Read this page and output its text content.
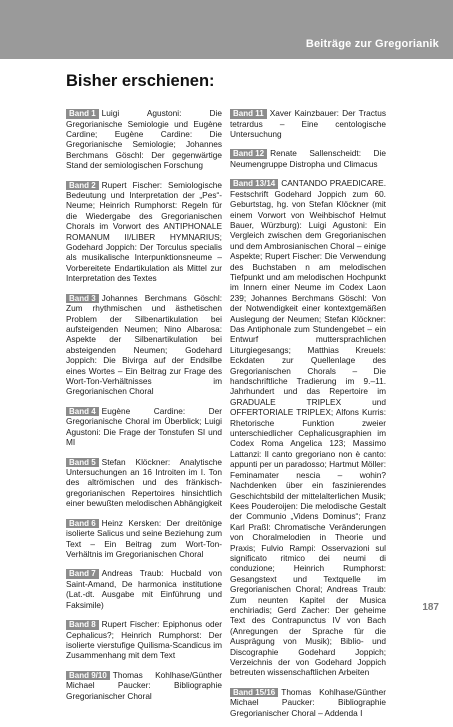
Beiträge zur Gregorianik
Bisher erschienen:

Band 1 Luigi Agustoni: Die Gregorianische Semiologie und Eugène Cardine; Eugène Cardine: Die Gregorianische Semiologie; Johannes Berchmans Göschl: Der gegenwärtige Stand der semiologischen Forschung

Band 2 Rupert Fischer: Semiologische Bedeutung und Interpretation der „Pes“-Neume; Heinrich Rumphorst: Regeln für die Wiedergabe des Gregorianischen Chorals im Vorwort des ANTIPHONALE ROMANUM II/LIBER HYMNARIUS; Godehard Joppich: Der Torculus specialis als musikalische Interpunktionsneume – Vorbereitete Endartikulation als Mittel zur Interpretation des Textes

Band 3 Johannes Berchmans Göschl: Zum rhythmischen und ästhetischen Problem der Silbenartikulation bei aufsteigenden Neumen; Nino Albarosa: Aspekte der Silbenartikulation bei absteigenden Neumen; Godehard Joppich: Die Bivirga auf der Endsilbe eines Wortes – Ein Beitrag zur Frage des Wort-Ton-Verhältnisses im Gregorianischen Choral

Band 4 Eugène Cardine: Der Gregorianische Choral im Überblick; Luigi Agustoni: Die Frage der Tonstufen SI und MI

Band 5 Stefan Klöckner: Analytische Untersuchungen an 16 Introiten im I. Ton des altrömischen und des fränkisch-gregorianischen Repertoires hinsichtlich einer bewußten melodischen Abhängigkeit

Band 6 Heinz Kersken: Der dreitönige isolierte Salicus und seine Beziehung zum Text – Ein Beitrag zum Wort-Ton-Verhältnis im Gregorianischen Choral

Band 7 Andreas Traub: Hucbald von Saint-Amand, De harmonica institutione (Lat.-dt. Ausgabe mit Einführung und Faksimile)

Band 8 Rupert Fischer: Epiphonus oder Cephalicus?; Heinrich Rumphorst: Der isolierte vierstufige Quilisma-Scandicus im Zusammenhang mit dem Text

Band 9/10 Thomas Kohlhase/Günther Michael Paucker: Bibliographie Gregorianischer Choral

Band 11 Xaver Kainzbauer: Der Tractus tetrardus – Eine centologische Untersuchung

Band 12 Renate Sallenscheidt: Die Neumengruppe Distropha und Climacus

Band 13/14 CANTANDO PRAEDICARE. Festschrift Godehard Joppich zum 60. Geburtstag, hg. von Stefan Klöckner (mit einem Vorwort von Weihbischof Helmut Bauer, Würzburg): Luigi Agustoni: Ein Vergleich zwischen dem Gregorianischen und dem Ambrosianischen Choral – einige Aspekte; Rupert Fischer: Die Verwendung des Buchstaben n am melodischen Tiefpunkt und am melodischen Hochpunkt im Innern einer Neume im Codex Laon 239; Johannes Berchmans Göschl: Von der Notwendigkeit einer kontextgemäßen Auslegung der Neumen; Stefan Klöckner: Das Antiphonale zum Stundengebet – ein Entwurf muttersprachlichen Liturgiegesangs; Matthias Kreuels: Eckdaten zur Quellenlage des Gregorianischen Chorals – Die handschriftliche Tradierung im 9.–11. Jahrhundert und das Repertoire im GRADUALE TRIPLEX und OFFERTORIALE TRIPLEX; Alfons Kurris: Rhetorische Funktion zweier unterschiedlicher Cephalicusgraphien im Codex Roma Angelica 123; Massimo Lattanzi: Il canto gregoriano non è canto: appunti per un paradosso; Hartmut Möller: Feminamater nescia – wohin? Nachdenken über ein faszinierendes Geschichtsbild der mittelalterlichen Musik; Kees Pouderoijen: Die melodische Gestalt der Communio „Videns Dominus“; Franz Karl Praßl: Chromatische Veränderungen von Choralmelodien in Theorie und Praxis; Fulvio Rampi: Osservazioni sul significato ritmico dei neumi di conduzione; Heinrich Rumphorst: Gesangstext und Textquelle im Gregorianischen Choral; Andreas Traub: Zum neunten Kapitel der Musica enchiriadis; Gerd Zacher: Der geheime Text des Contrapunctus IV von Bach (Anregungen der Sprache für die Ausprägung von Musik); Biblio- und Discographie Godehard Joppich; Verzeichnis der von Godehard Joppich betreuten wissenschaftlichen Arbeiten

Band 15/16 Thomas Kohlhase/Günther Michael Paucker: Bibliographie Gregorianischer Choral – Addenda I

187
